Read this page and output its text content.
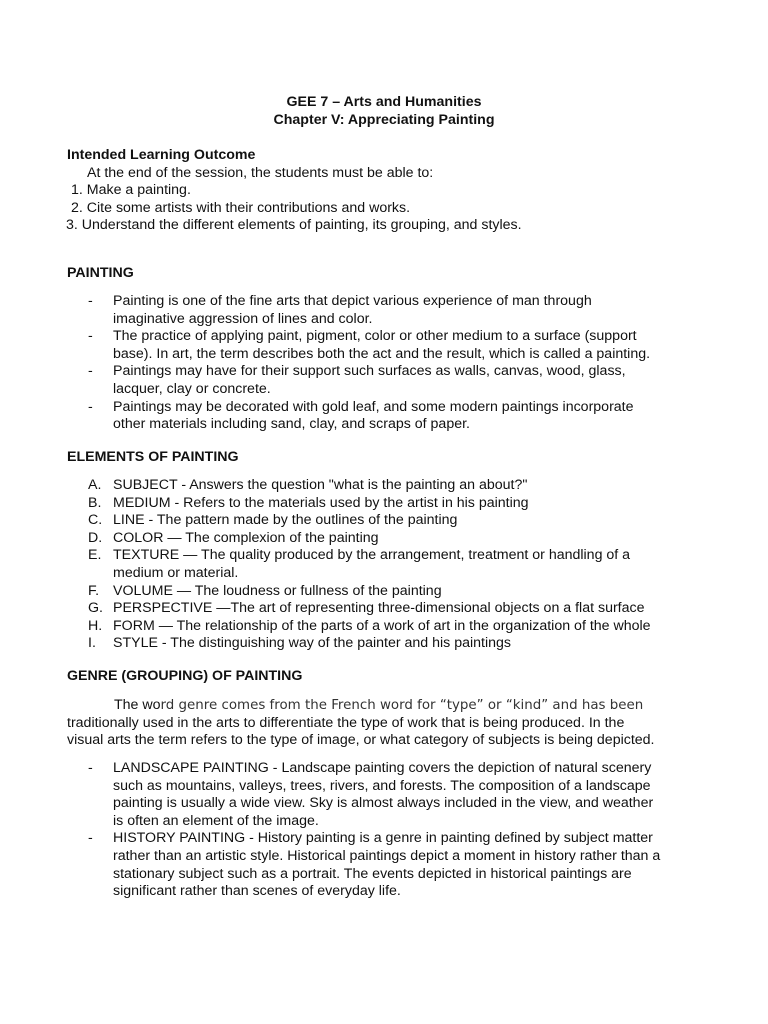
GEE 7 – Arts and Humanities
Chapter V: Appreciating Painting
Intended Learning Outcome
At the end of the session, the students must be able to:
1. Make a painting.
2. Cite some artists with their contributions and works.
3. Understand the different elements of painting, its grouping, and styles.
PAINTING
- Painting is one of the fine arts that depict various experience of man through
imaginative aggression of lines and color.
- The practice of applying paint, pigment, color or other medium to a surface (support
base). In art, the term describes both the act and the result, which is called a painting.
- Paintings may have for their support such surfaces as walls, canvas, wood, glass,
lacquer, clay or concrete.
- Paintings may be decorated with gold leaf, and some modern paintings incorporate
other materials including sand, clay, and scraps of paper.
ELEMENTS OF PAINTING
A. SUBJECT - Answers the question "what is the painting an about?"
B. MEDIUM - Refers to the materials used by the artist in his painting
C. LINE - The pattern made by the outlines of the painting
D. COLOR — The complexion of the painting
E. TEXTURE — The quality produced by the arrangement, treatment or handling of a
medium or material.
F. VOLUME — The loudness or fullness of the painting
G. PERSPECTIVE —The art of representing three-dimensional objects on a flat surface
H. FORM — The relationship of the parts of a work of art in the organization of the whole
I. STYLE - The distinguishing way of the painter and his paintings
GENRE (GROUPING) OF PAINTING
The word genre comes from the French word for “type” or “kind” and has been
traditionally used in the arts to differentiate the type of work that is being produced. In the
visual arts the term refers to the type of image, or what category of subjects is being depicted.
- LANDSCAPE PAINTING - Landscape painting covers the depiction of natural scenery
such as mountains, valleys, trees, rivers, and forests. The composition of a landscape
painting is usually a wide view. Sky is almost always included in the view, and weather
is often an element of the image.
- HISTORY PAINTING - History painting is a genre in painting defined by subject matter
rather than an artistic style. Historical paintings depict a moment in history rather than a
stationary subject such as a portrait. The events depicted in historical paintings are
significant rather than scenes of everyday life.
